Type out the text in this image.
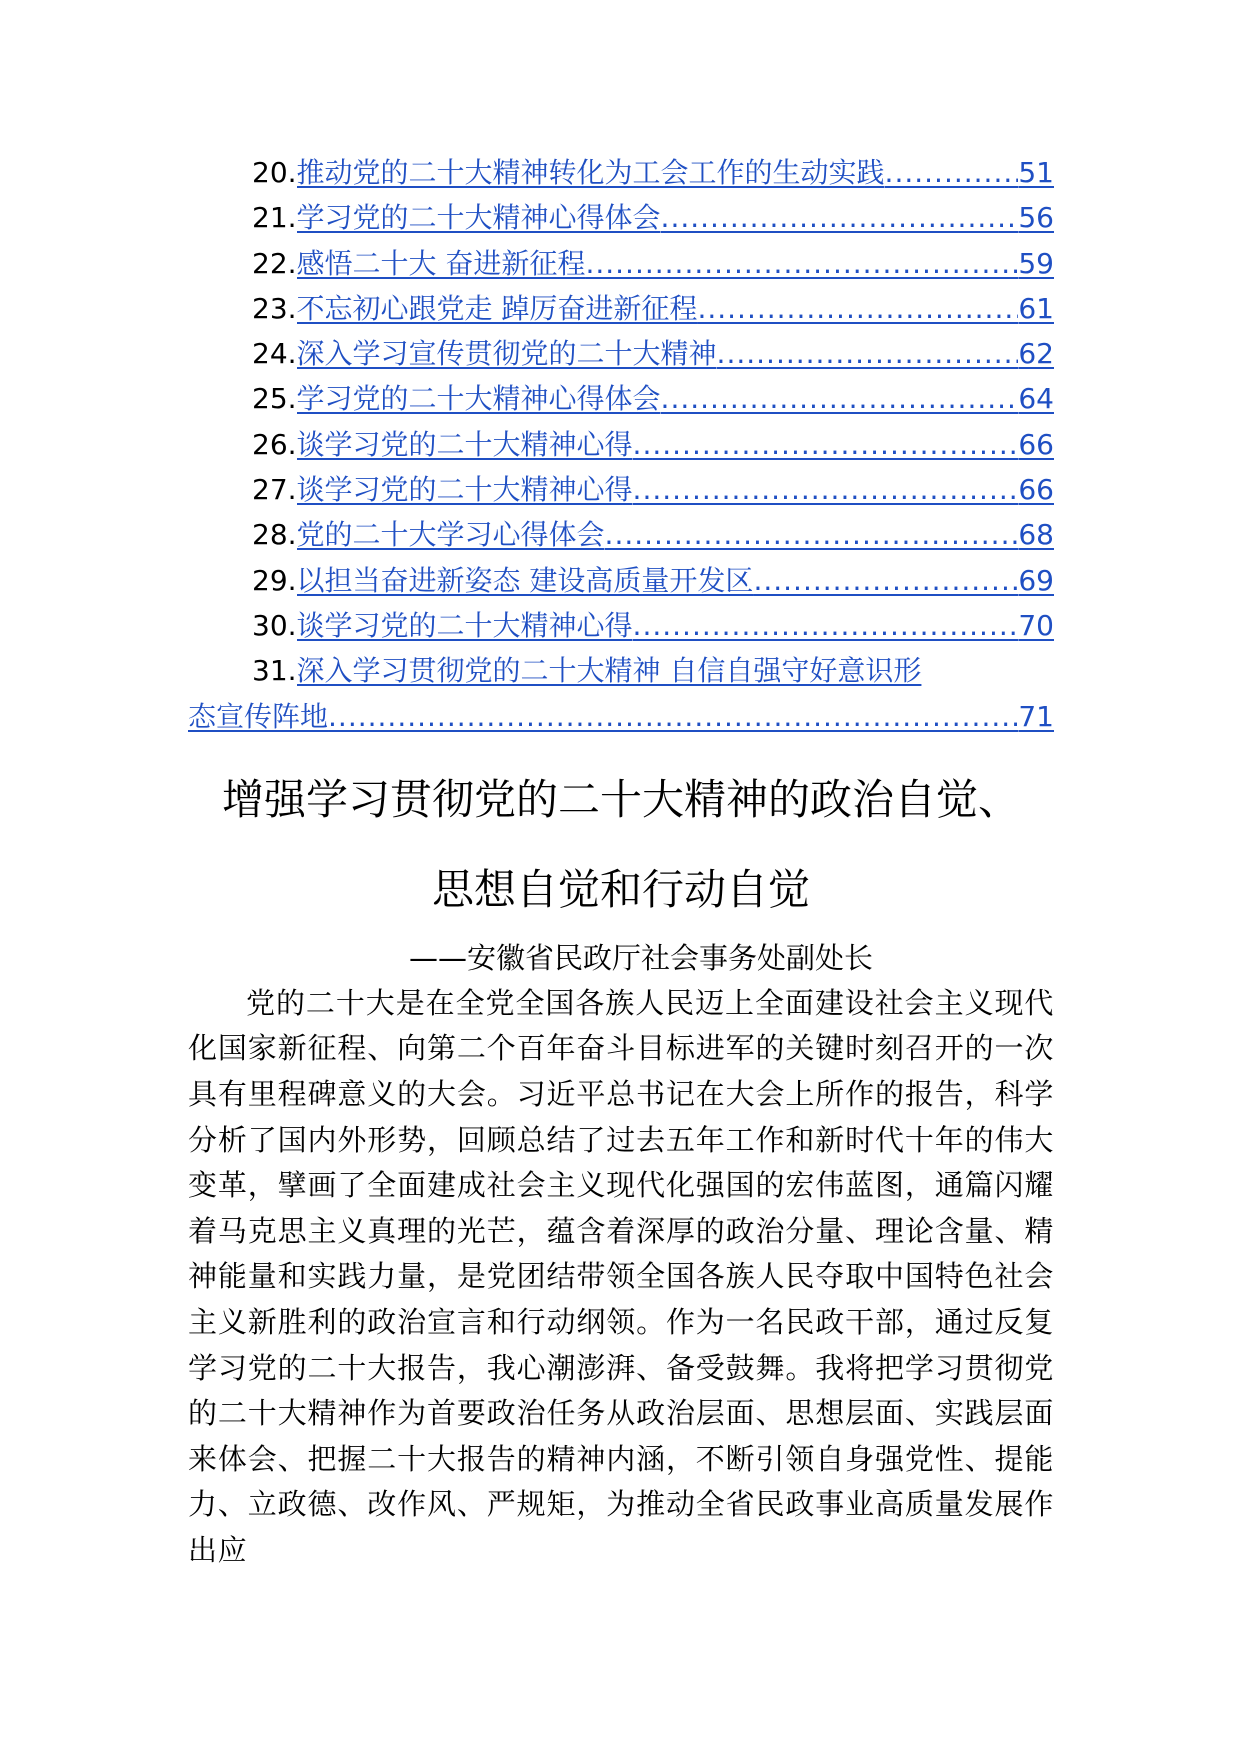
20. 推动党的二十大精神转化为工会工作的生动实践 .....	51
21. 学习党的二十大精神心得体会 .....	56
22. 感悟二十大 奋进新征程 .....	59
23. 不忘初心跟党走 踔厉奋进新征程 .....	61
24. 深入学习宣传贯彻党的二十大精神 .....	62
25. 学习党的二十大精神心得体会 .....	64
26. 谈学习党的二十大精神心得 .....	66
27. 谈学习党的二十大精神心得 .....	66
28. 党的二十大学习心得体会 .....	68
29. 以担当奋进新姿态 建设高质量开发区 .....	69
30. 谈学习党的二十大精神心得 .....	70
31. 深入学习贯彻党的二十大精神 自信自强守好意识形
态宣传阵地 .....	71
增强学习贯彻党的二十大精神的政治自觉、
思想自觉和行动自觉

——安徽省民政厅社会事务处副处长

党的二十大是在全党全国各族人民迈上全面建设社会主义现代化国家新征程、向第二个百年奋斗目标进军的关键时刻召开的一次具有里程碑意义的大会。习近平总书记在大会上所作的报告，科学分析了国内外形势，回顾总结了过去五年工作和新时代十年的伟大变革，擘画了全面建成社会主义现代化强国的宏伟蓝图，通篇闪耀着马克思主义真理的光芒，蕴含着深厚的政治分量、理论含量、精神能量和实践力量，是党团结带领全国各族人民夺取中国特色社会主义新胜利的政治宣言和行动纲领。作为一名民政干部，通过反复学习党的二十大报告，我心潮澎湃、备受鼓舞。我将把学习贯彻党的二十大精神作为首要政治任务从政治层面、思想层面、实践层面来体会、把握二十大报告的精神内涵，不断引领自身强党性、提能力、立政德、改作风、严规矩，为推动全省民政事业高质量发展作出应
